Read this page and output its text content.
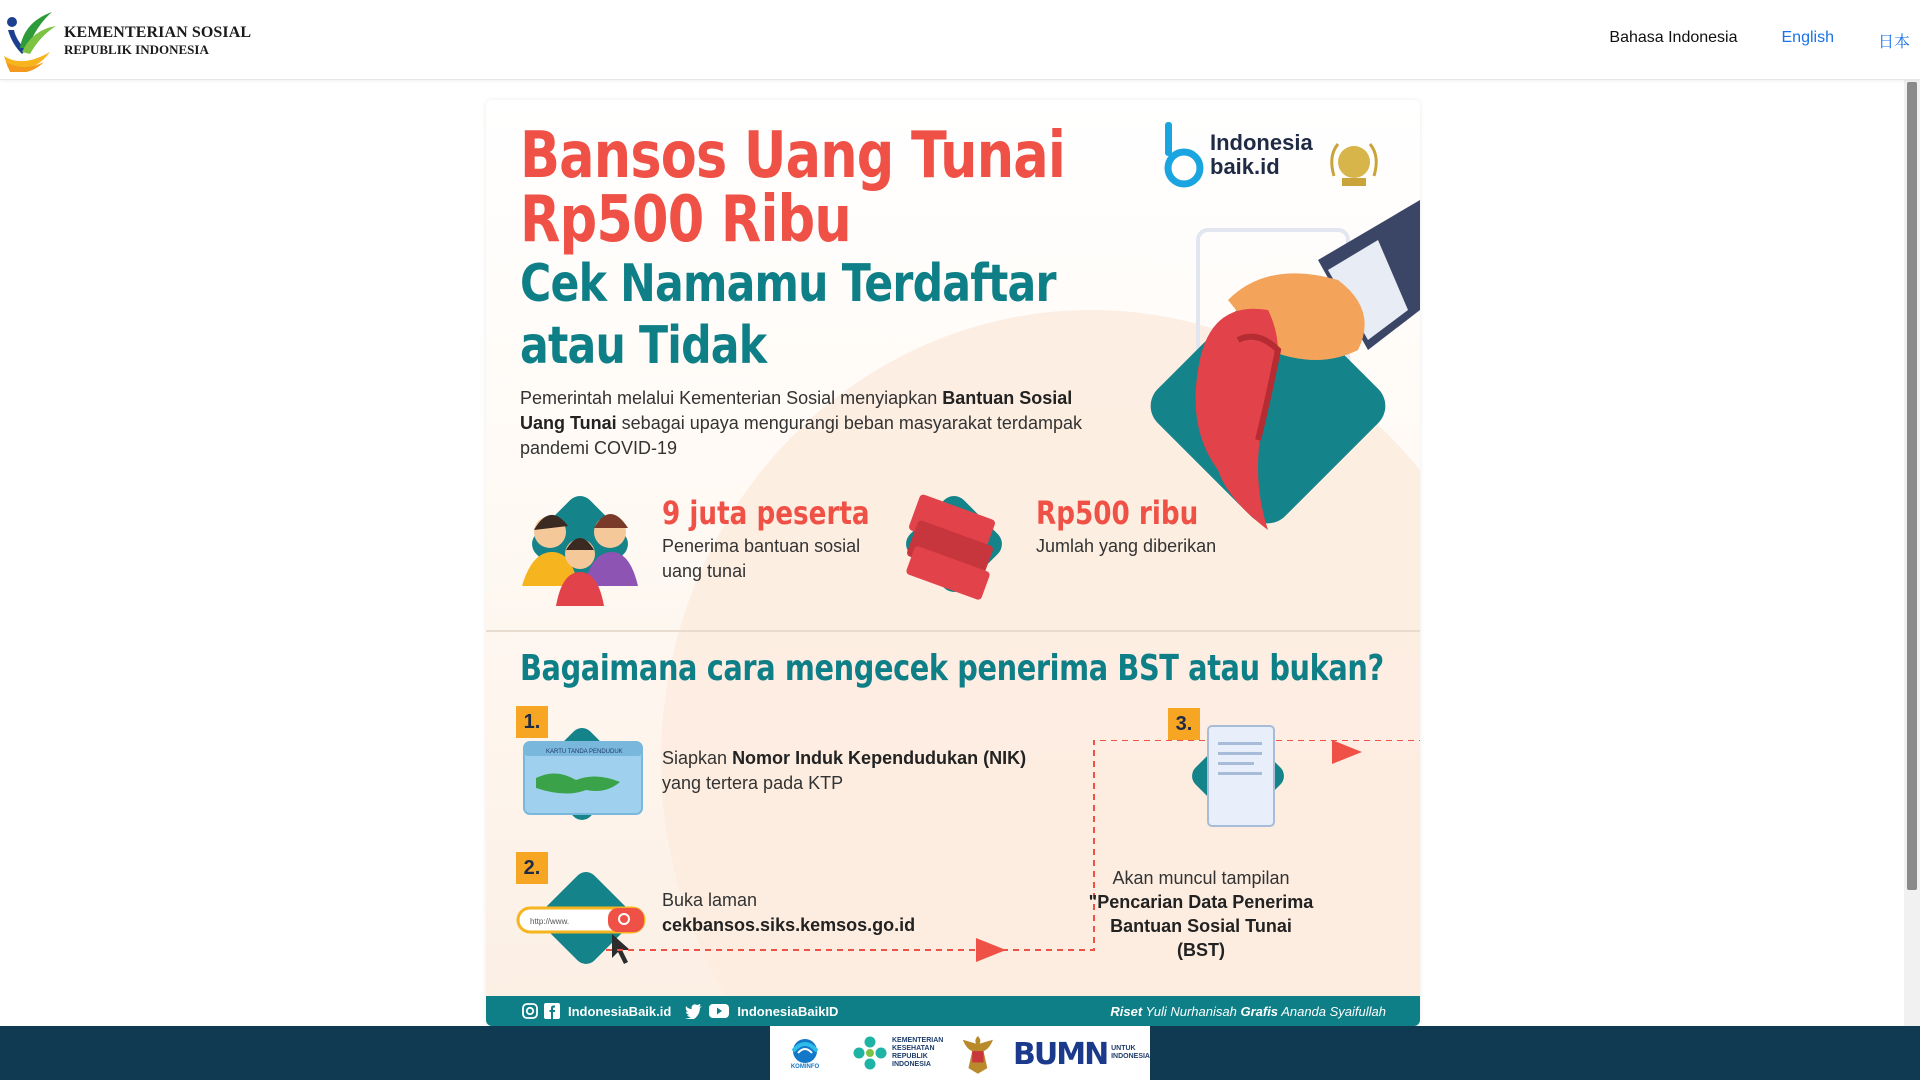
KEMENTERIAN SOSIAL
REPUBLIK INDONESIA
Bahasa Indonesia	English	日本
Bansos Uang Tunai
Rp500 Ribu
Cek Namamu Terdaftar
atau Tidak
Pemerintah melalui Kementerian Sosial menyiapkan Bantuan Sosial Uang Tunai sebagai upaya mengurangi beban masyarakat terdampak pandemi COVID-19
Indonesia
baik.id
9 juta peserta
Penerima bantuan sosial
uang tunai
Rp500 ribu
Jumlah yang diberikan
Bagaimana cara mengecek penerima BST atau bukan?
1.
KARTU TANDA PENDUDUK Siapkan Nomor Induk Kependudukan (NIK)
yang tertera pada KTP
2.
http://www.
Buka laman
cekbansos.siks.kemsos.go.id
3.
Akan muncul tampilan
"Pencarian Data Penerima
Bantuan Sosial Tunai (BST)
IndonesiaBaik.id	IndonesiaBaikID	Riset Yuli Nurhanisah Grafis Ananda Syaifullah
KOMINFO
KEMENTERIAN
KESEHATAN
REPUBLIK
INDONESIA	BUMN UNTUK
INDONESIA
